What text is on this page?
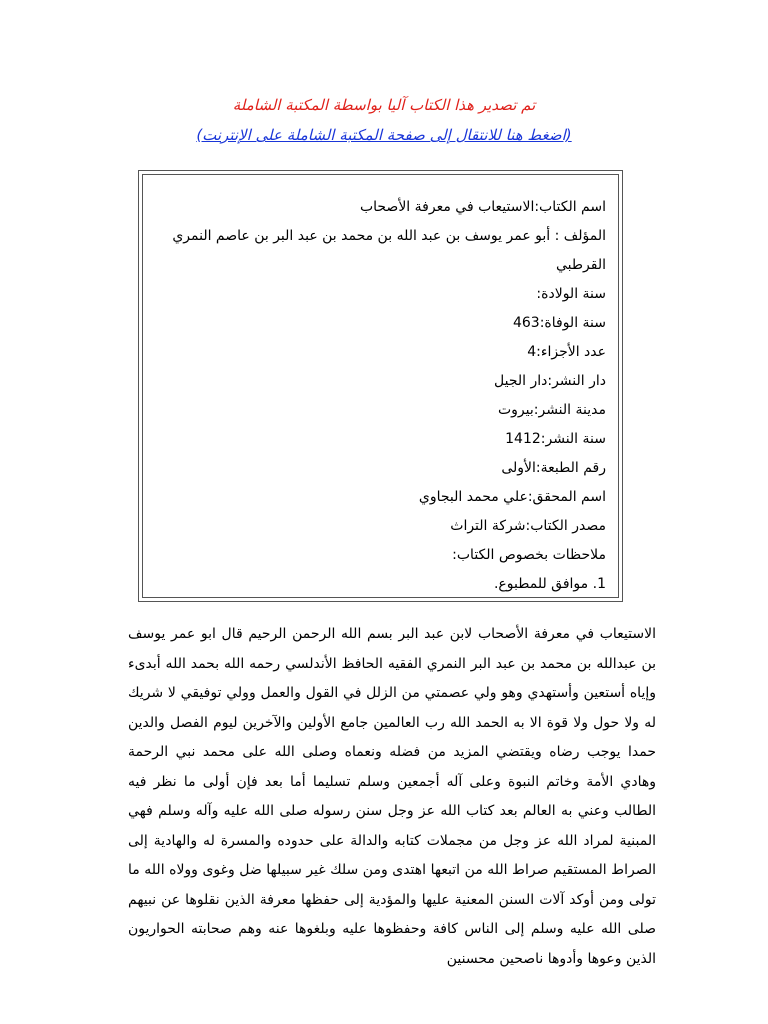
تم تصدير هذا الكتاب آليا بواسطة المكتبة الشاملة
(اضغط هنا للانتقال إلى صفحة المكتبة الشاملة على الإنترنت)
اسم الكتاب:الاستيعاب في معرفة الأصحاب
المؤلف : أبو عمر يوسف بن عبد الله بن محمد بن عبد البر بن عاصم النمري القرطبي
سنة الولادة:
سنة الوفاة:463
عدد الأجزاء:4
دار النشر:دار الجيل
مدينة النشر:بيروت
سنة النشر:1412
رقم الطبعة:الأولى
اسم المحقق:علي محمد البجاوي
مصدر الكتاب:شركة التراث
ملاحظات بخصوص الكتاب:
1. موافق للمطبوع.
الاستيعاب في معرفة الأصحاب لابن عبد البر بسم الله الرحمن الرحيم قال ابو عمر يوسف بن عبدالله بن محمد بن عبد البر النمري الفقيه الحافظ الأندلسي رحمه الله بحمد الله أبدىء وإياه أستعين وأستهدي وهو ولي عصمتي من الزلل في القول والعمل وولي توفيقي لا شريك له ولا حول ولا قوة الا به الحمد الله رب العالمين جامع الأولين والآخرين ليوم الفصل والدين حمدا يوجب رضاه ويقتضي المزيد من فضله ونعماه وصلى الله على محمد نبي الرحمة وهادي الأمة وخاتم النبوة وعلى آله أجمعين وسلم تسليما أما بعد فإن أولى ما نظر فيه الطالب وعني به العالم بعد كتاب الله عز وجل سنن رسوله صلى الله عليه وآله وسلم فهي المبنية لمراد الله عز وجل من مجملات كتابه والدالة على حدوده والمسرة له والهادية إلى الصراط المستقيم صراط الله من اتبعها اهتدى ومن سلك غير سبيلها ضل وغوى وولاه الله ما تولى ومن أوكد آلات السنن المعنية عليها والمؤدية إلى حفظها معرفة الذين نقلوها عن نبيهم صلى الله عليه وسلم إلى الناس كافة وحفظوها عليه وبلغوها عنه وهم صحابته الحواريون الذين وعوها وأدوها ناصحين محسنين
